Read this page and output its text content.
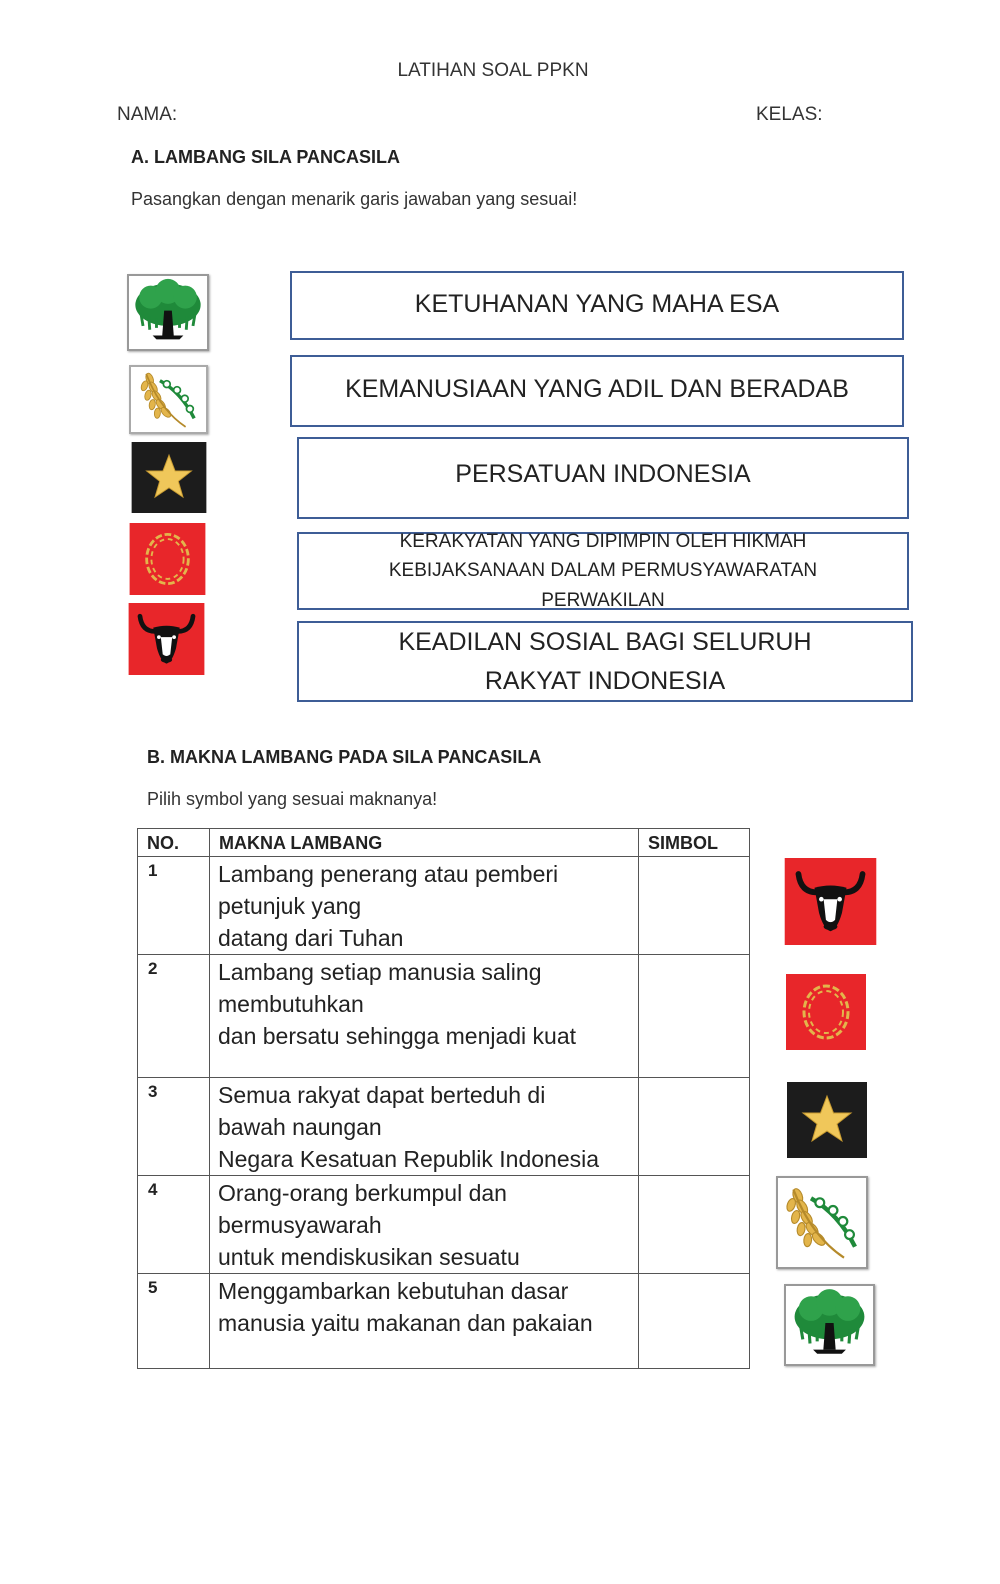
LATIHAN SOAL PPKN
NAMA:	KELAS:
A. LAMBANG SILA PANCASILA
Pasangkan dengan menarik garis jawaban yang sesuai!
KETUHANAN YANG MAHA ESA
KEMANUSIAAN YANG ADIL DAN BERADAB
PERSATUAN INDONESIA
KERAKYATAN YANG DIPIMPIN OLEH HIKMAH KEBIJAKSANAAN DALAM PERMUSYAWARATAN PERWAKILAN
KEADILAN SOSIAL BAGI SELURUH RAKYAT INDONESIA
B. MAKNA LAMBANG PADA SILA PANCASILA
Pilih symbol yang sesuai maknanya!
NO.	MAKNA LAMBANG	SIMBOL
1	Lambang penerang atau pemberi
petunjuk yang
datang dari Tuhan	
2	Lambang setiap manusia saling
membutuhkan
dan bersatu sehingga menjadi kuat	
3	Semua rakyat dapat berteduh di
bawah naungan
Negara Kesatuan Republik Indonesia	
4	Orang-orang berkumpul dan
bermusyawarah
untuk mendiskusikan sesuatu	
5	Menggambarkan kebutuhan dasar
manusia yaitu makanan dan pakaian	
